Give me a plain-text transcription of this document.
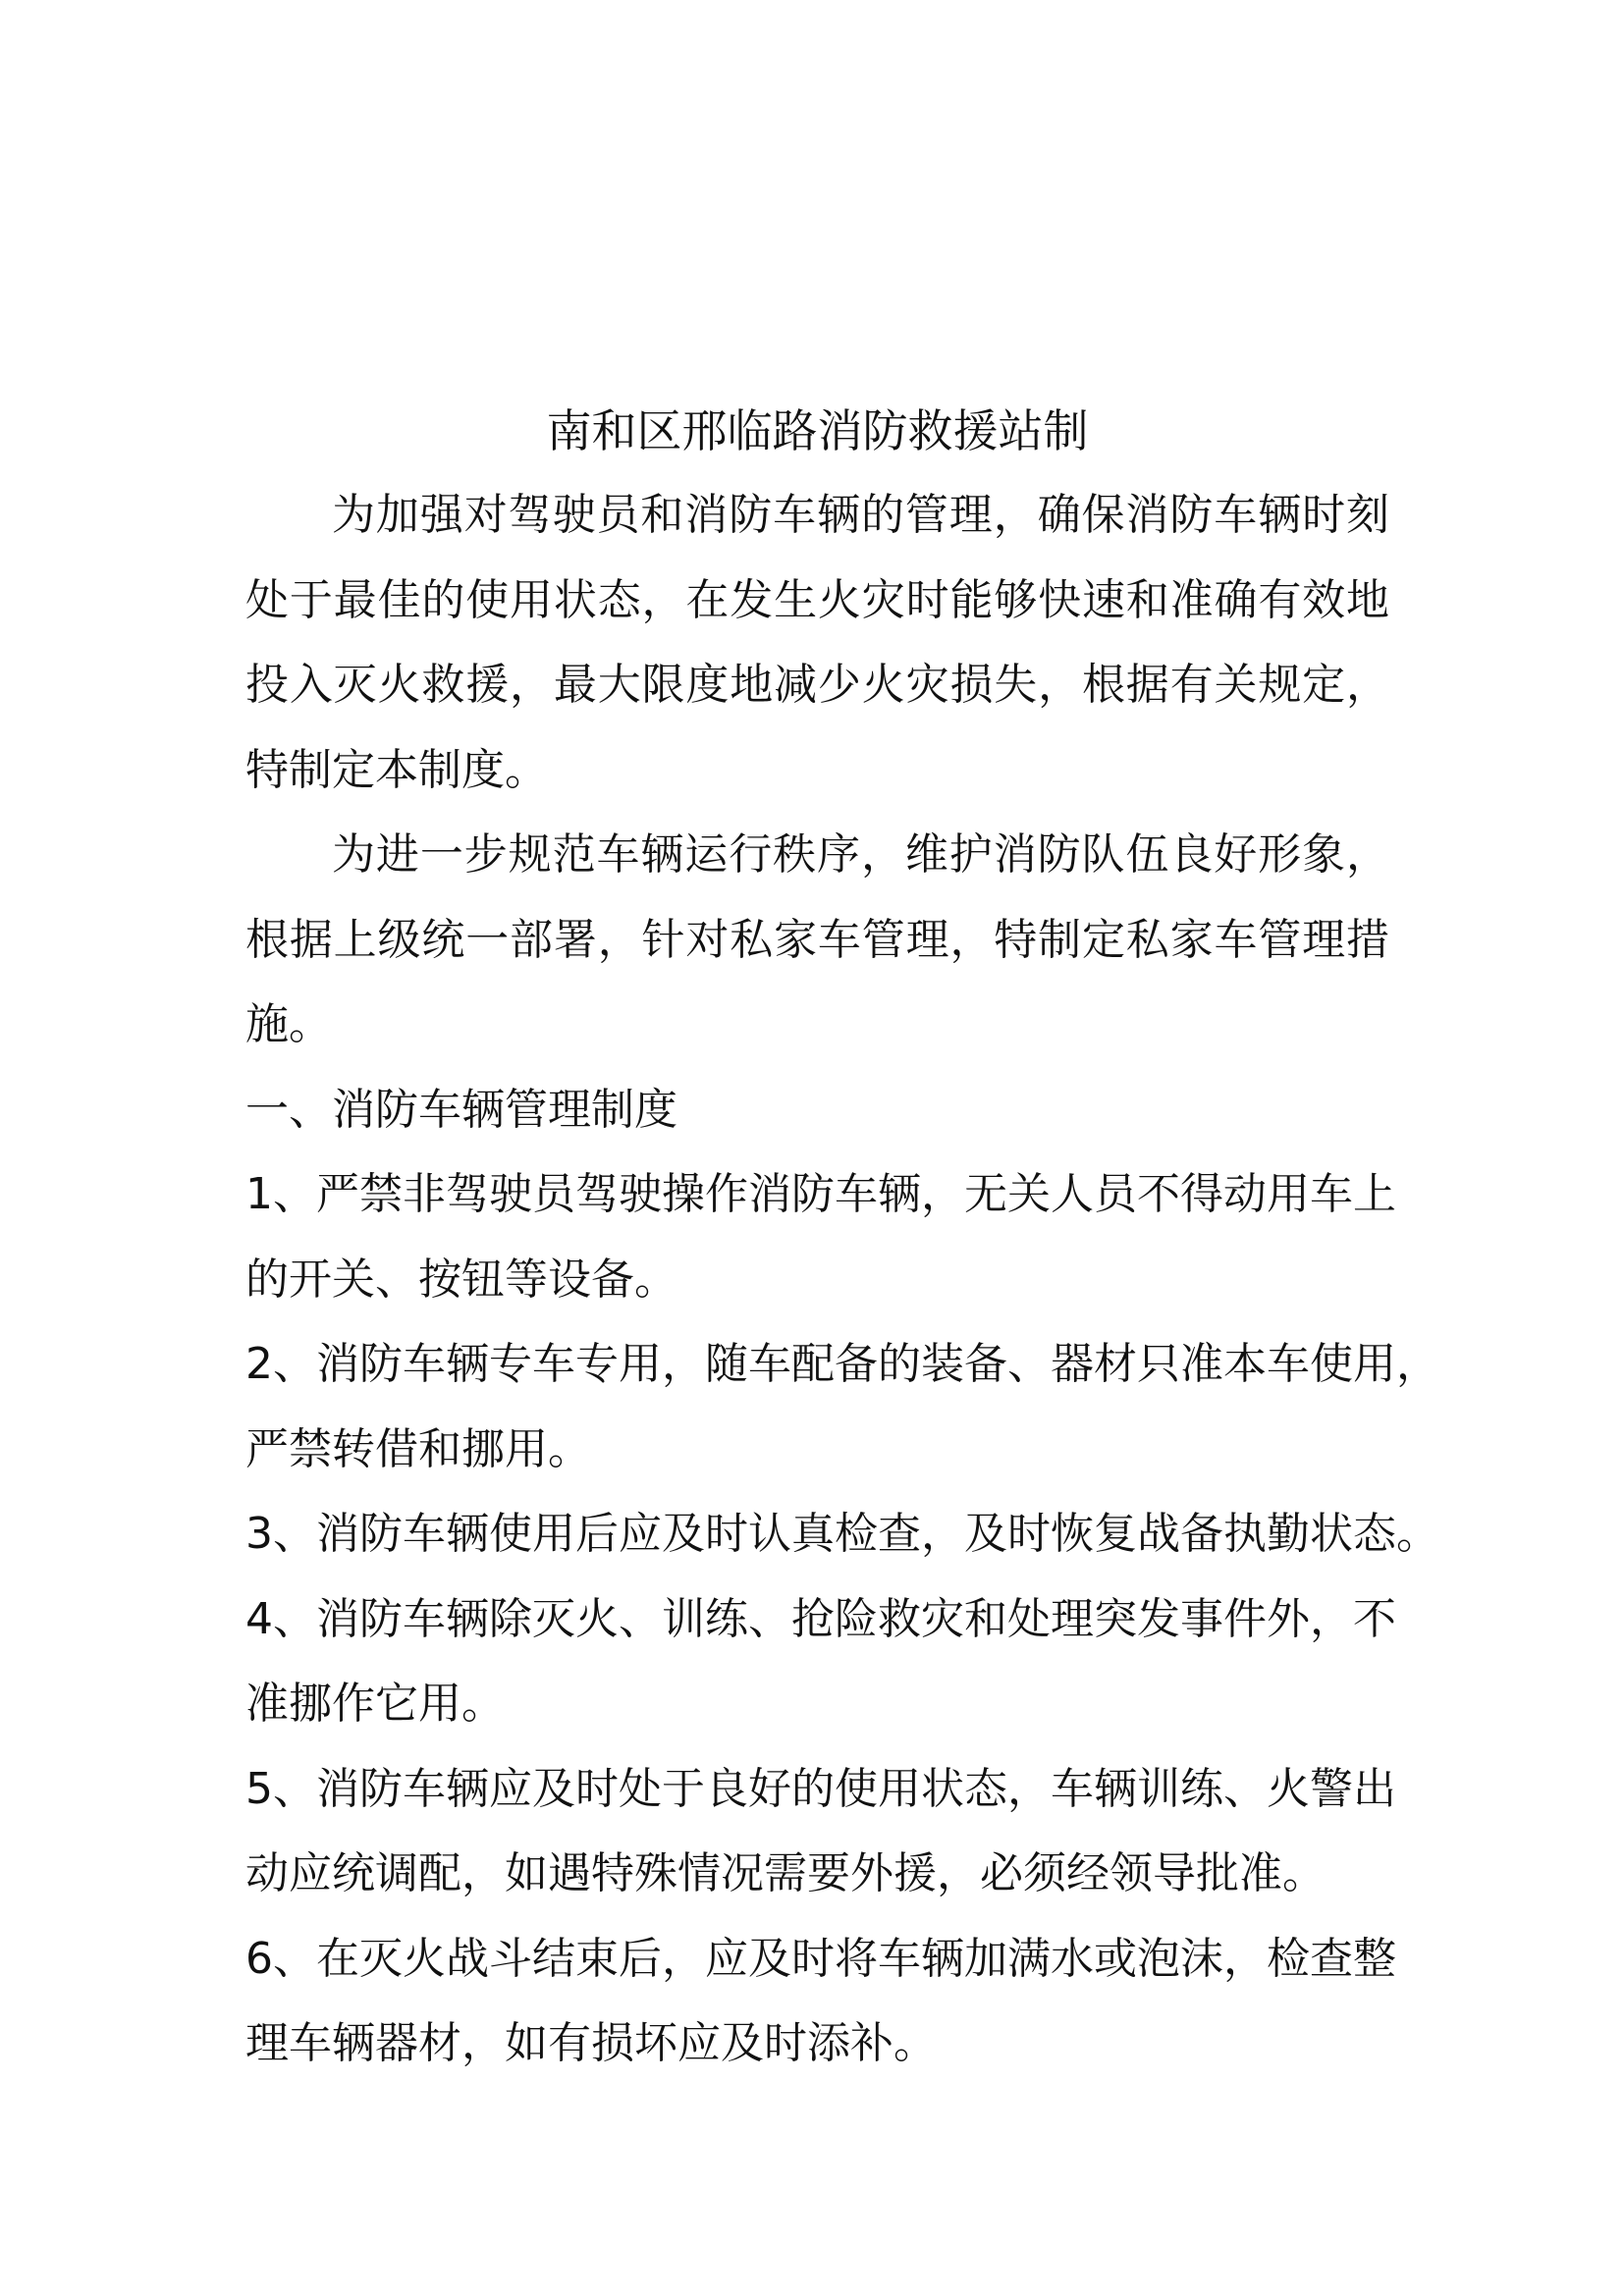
南和区邢临路消防救援站制

为加强对驾驶员和消防车辆的管理，确保消防车辆时刻处于最佳的使用状态，在发生火灾时能够快速和准确有效地投入灭火救援，最大限度地减少火灾损失，根据有关规定，特制定本制度。

为进一步规范车辆运行秩序，维护消防队伍良好形象，根据上级统一部署，针对私家车管理，特制定私家车管理措施。

一、消防车辆管理制度

1、严禁非驾驶员驾驶操作消防车辆，无关人员不得动用车上

的开关、按钮等设备。

2、消防车辆专车专用，随车配备的装备、器材只准本车使用，

严禁转借和挪用。

3、消防车辆使用后应及时认真检查，及时恢复战备执勤状态。

4、消防车辆除灭火、训练、抢险救灾和处理突发事件外，不

准挪作它用。

5、消防车辆应及时处于良好的使用状态，车辆训练、火警出

动应统调配，如遇特殊情况需要外援，必须经领导批准。

6、在灭火战斗结束后，应及时将车辆加满水或泡沫，检查整

理车辆器材，如有损坏应及时添补。
